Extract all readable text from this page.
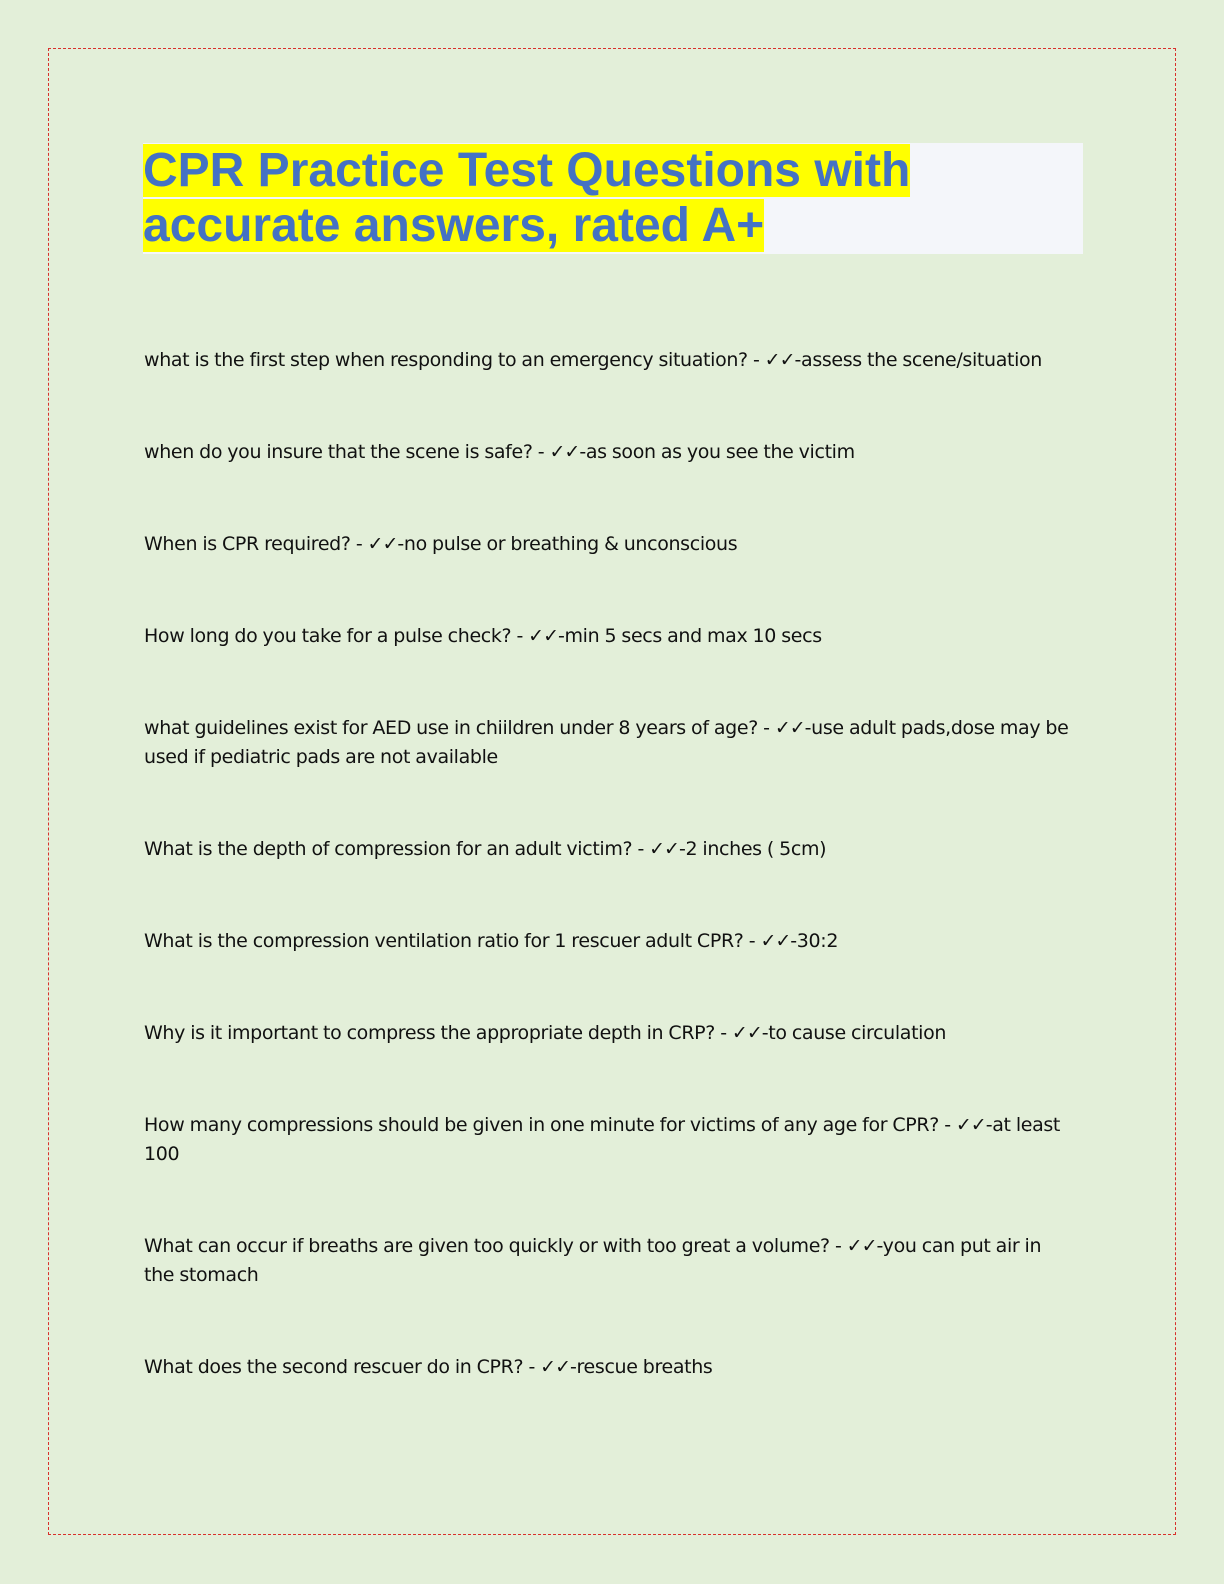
CPR Practice Test Questions with
accurate answers, rated A+
what is the first step when responding to an emergency situation? - ✓✓-assess the scene/situation
when do you insure that the scene is safe? - ✓✓-as soon as you see the victim
When is CPR required? - ✓✓-no pulse or breathing & unconscious
How long do you take for a pulse check? - ✓✓-min 5 secs and max 10 secs
what guidelines exist for AED use in chiildren under 8 years of age? - ✓✓-use adult pads,dose may be used if pediatric pads are not available
What is the depth of compression for an adult victim? - ✓✓-2 inches ( 5cm)
What is the compression ventilation ratio for 1 rescuer adult CPR? - ✓✓-30:2
Why is it important to compress the appropriate depth in CRP? - ✓✓-to cause circulation
How many compressions should be given in one minute for victims of any age for CPR? - ✓✓-at least 100
What can occur if breaths are given too quickly or with too great a volume? - ✓✓-you can put air in the stomach
What does the second rescuer do in CPR? - ✓✓-rescue breaths
